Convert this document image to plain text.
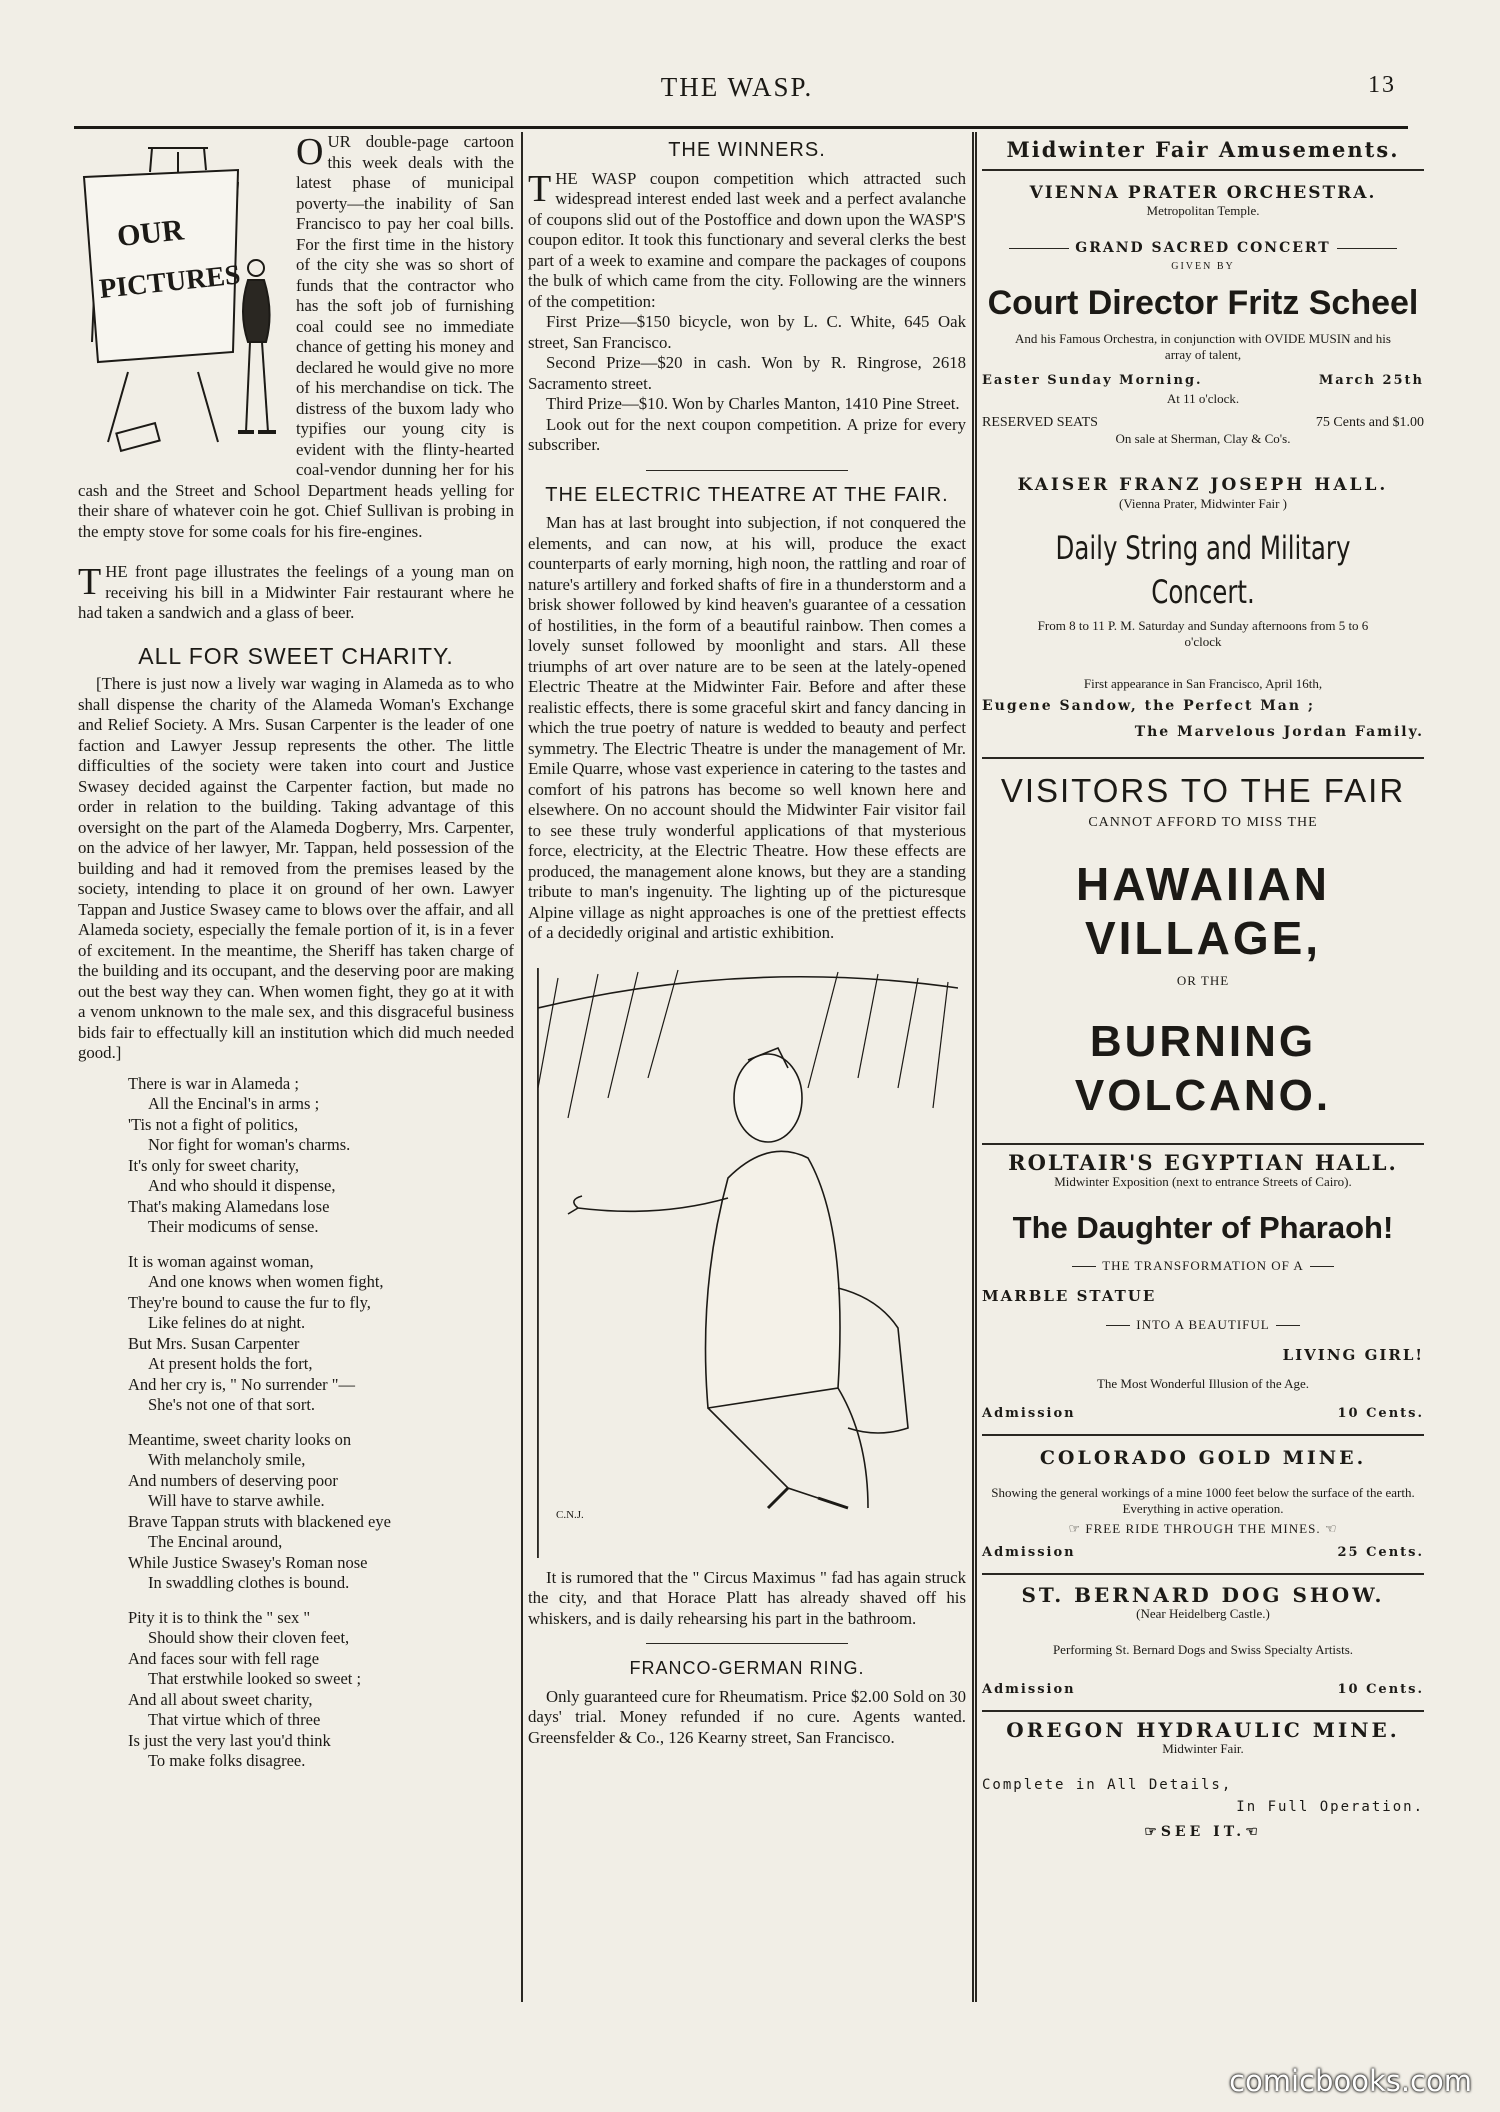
THE WASP.	13
OUR
PICTURES

OUR double-page cartoon this week deals with the latest phase of municipal poverty—the inability of San Francisco to pay her coal bills. For the first time in the history of the city she was so short of funds that the contractor who has the soft job of furnishing coal could see no immediate chance of getting his money and declared he would give no more of his merchandise on tick. The distress of the buxom lady who typifies our young city is evident with the flinty-hearted coal-vendor dunning her for his cash and the Street and School Department heads yelling for their share of whatever coin he got. Chief Sullivan is probing in the empty stove for some coals for his fire-engines.

THE front page illustrates the feelings of a young man on receiving his bill in a Midwinter Fair restaurant where he had taken a sandwich and a glass of beer.

ALL FOR SWEET CHARITY.

[There is just now a lively war waging in Alameda as to who shall dispense the charity of the Alameda Woman's Exchange and Relief Society. A Mrs. Susan Carpenter is the leader of one faction and Lawyer Jessup represents the other. The little difficulties of the society were taken into court and Justice Swasey decided against the Carpenter faction, but made no order in relation to the building. Taking advantage of this oversight on the part of the Alameda Dogberry, Mrs. Carpenter, on the advice of her lawyer, Mr. Tappan, held possession of the building and had it removed from the premises leased by the society, intending to place it on ground of her own. Lawyer Tappan and Justice Swasey came to blows over the affair, and all Alameda society, especially the female portion of it, is in a fever of excitement. In the meantime, the Sheriff has taken charge of the building and its occupant, and the deserving poor are making out the best way they can. When women fight, they go at it with a venom unknown to the male sex, and this disgraceful business bids fair to effectually kill an institution which did much needed good.]

There is war in Alameda ;
All the Encinal's in arms ;
'Tis not a fight of politics,
Nor fight for woman's charms.
It's only for sweet charity,
And who should it dispense,
That's making Alamedans lose
Their modicums of sense.
It is woman against woman,
And one knows when women fight,
They're bound to cause the fur to fly,
Like felines do at night.
But Mrs. Susan Carpenter
At present holds the fort,
And her cry is, " No surrender "—
She's not one of that sort.
Meantime, sweet charity looks on
With melancholy smile,
And numbers of deserving poor
Will have to starve awhile.
Brave Tappan struts with blackened eye
The Encinal around,
While Justice Swasey's Roman nose
In swaddling clothes is bound.
Pity it is to think the " sex "
Should show their cloven feet,
And faces sour with fell rage
That erstwhile looked so sweet ;
And all about sweet charity,
That virtue which of three
Is just the very last you'd think
To make folks disagree.
THE WINNERS.

THE WASP coupon competition which attracted such widespread interest ended last week and a perfect avalanche of coupons slid out of the Postoffice and down upon the WASP'S coupon editor. It took this functionary and several clerks the best part of a week to examine and compare the packages of coupons the bulk of which came from the city. Following are the winners of the competition:

First Prize—$150 bicycle, won by L. C. White, 645 Oak street, San Francisco.

Second Prize—$20 in cash. Won by R. Ringrose, 2618 Sacramento street.

Third Prize—$10. Won by Charles Manton, 1410 Pine Street.

Look out for the next coupon competition. A prize for every subscriber.

THE ELECTRIC THEATRE AT THE FAIR.

Man has at last brought into subjection, if not conquered the elements, and can now, at his will, produce the exact counterparts of early morning, high noon, the rattling and roar of nature's artillery and forked shafts of fire in a thunderstorm and a brisk shower followed by kind heaven's guarantee of a cessation of hostilities, in the form of a beautiful rainbow. Then comes a lovely sunset followed by moonlight and stars. All these triumphs of art over nature are to be seen at the lately-opened Electric Theatre at the Midwinter Fair. Before and after these realistic effects, there is some graceful skirt and fancy dancing in which the true poetry of nature is wedded to beauty and perfect symmetry. The Electric Theatre is under the management of Mr. Emile Quarre, whose vast experience in catering to the tastes and comfort of his patrons has become so well known here and elsewhere. On no account should the Midwinter Fair visitor fail to see these truly wonderful applications of that mysterious force, electricity, at the Electric Theatre. How these effects are produced, the management alone knows, but they are a standing tribute to man's ingenuity. The lighting up of the picturesque Alpine village as night approaches is one of the prettiest effects of a decidedly original and artistic exhibition.

C.N.J.

It is rumored that the " Circus Maximus " fad has again struck the city, and that Horace Platt has already shaved off his whiskers, and is daily rehearsing his part in the bathroom.

FRANCO-GERMAN RING.

Only guaranteed cure for Rheumatism. Price $2.00 Sold on 30 days' trial. Money refunded if no cure. Agents wanted. Greensfelder & Co., 126 Kearny street, San Francisco.

Midwinter Fair Amusements.
VIENNA PRATER ORCHESTRA.
Metropolitan Temple.
GRAND SACRED CONCERT
GIVEN BY
Court Director Fritz Scheel
And his Famous Orchestra, in conjunction with OVIDE MUSIN and his array of talent,
Easter Sunday Morning.	March 25th
At 11 o'clock.
RESERVED SEATS	75 Cents and $1.00
On sale at Sherman, Clay & Co's.
KAISER FRANZ JOSEPH HALL.
(Vienna Prater, Midwinter Fair )
Daily String and Military Concert.
From 8 to 11 P. M. Saturday and Sunday afternoons from 5 to 6 o'clock
First appearance in San Francisco, April 16th,
Eugene Sandow, the Perfect Man ;
The Marvelous Jordan Family.
VISITORS TO THE FAIR
CANNOT AFFORD TO MISS THE
HAWAIIAN VILLAGE,
OR THE
BURNING VOLCANO.
ROLTAIR'S EGYPTIAN HALL.
Midwinter Exposition (next to entrance Streets of Cairo).
The Daughter of Pharaoh!
THE TRANSFORMATION OF A
MARBLE STATUE
INTO A BEAUTIFUL
LIVING GIRL!
The Most Wonderful Illusion of the Age.
Admission	10 Cents.
COLORADO GOLD MINE.
Showing the general workings of a mine 1000 feet below the surface of the earth. Everything in active operation.
☞ FREE RIDE THROUGH THE MINES. ☜
Admission	25 Cents.
ST. BERNARD DOG SHOW.
(Near Heidelberg Castle.)
Performing St. Bernard Dogs and Swiss Specialty Artists.
Admission	10 Cents.
OREGON HYDRAULIC MINE.
Midwinter Fair.
Complete in All Details,
In Full Operation.
☞SEE IT.☜
comicbooks.com
